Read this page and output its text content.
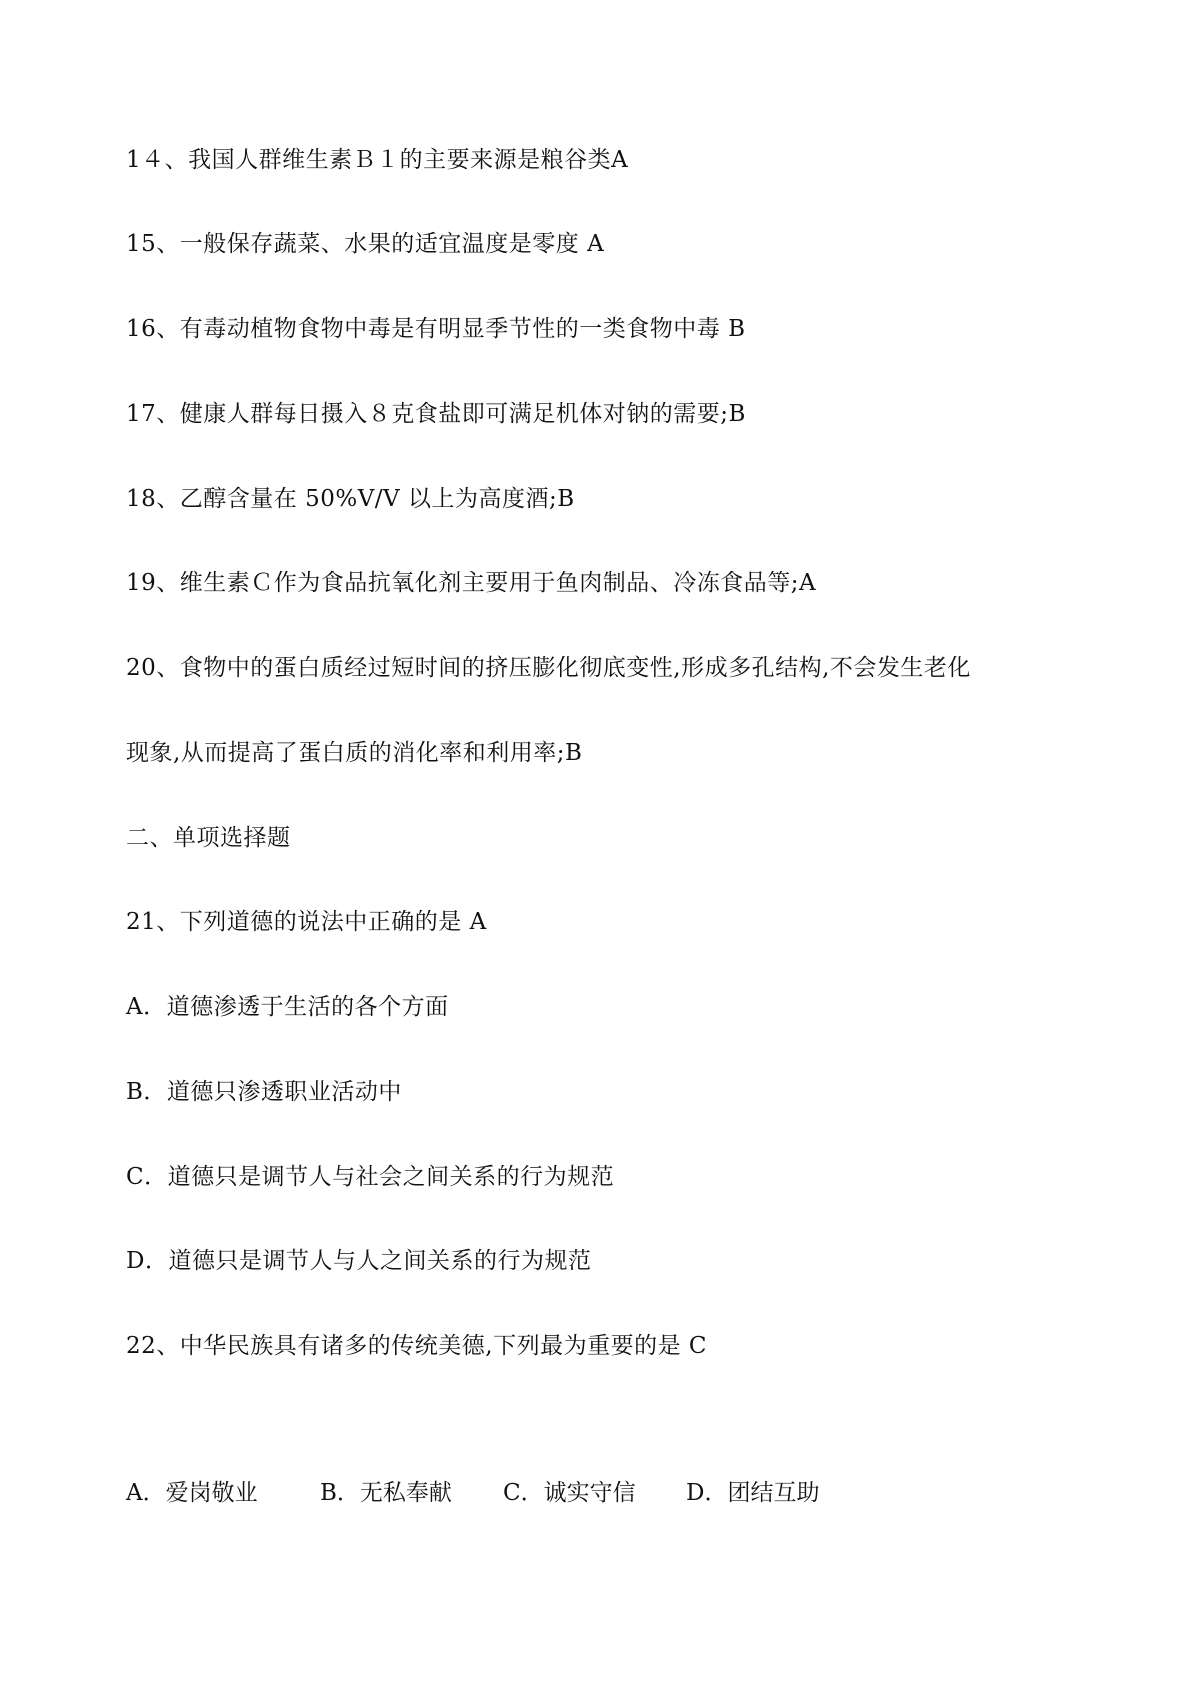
1４、我国人群维生素Ｂ１的主要来源是粮谷类A
15、一般保存蔬菜、水果的适宜温度是零度 A
16、有毒动植物食物中毒是有明显季节性的一类食物中毒 B
17、健康人群每日摄入８克食盐即可满足机体对钠的需要;B
18、乙醇含量在 50%V/V 以上为高度酒;B
19、维生素Ｃ作为食品抗氧化剂主要用于鱼肉制品、冷冻食品等;A
20、食物中的蛋白质经过短时间的挤压膨化彻底变性,形成多孔结构,不会发生老化
现象,从而提高了蛋白质的消化率和利用率;B
二、单项选择题
21、下列道德的说法中正确的是 A
A．道德渗透于生活的各个方面
B．道德只渗透职业活动中
C．道德只是调节人与社会之间关系的行为规范
D．道德只是调节人与人之间关系的行为规范
22、中华民族具有诸多的传统美德,下列最为重要的是 C
A．爱岗敬业	B．无私奉献 C．诚实守信 D．团结互助
